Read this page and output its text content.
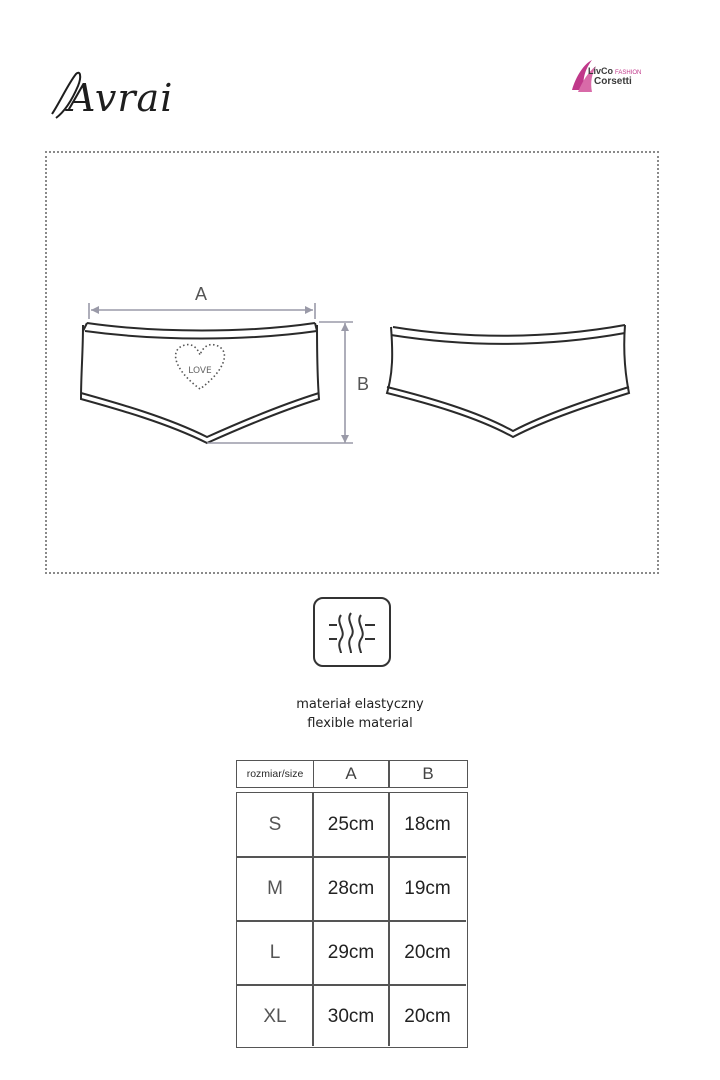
Avrai
LivCo FASHION
Corsetti
LOVE
A
B
materiał elastyczny
flexible material
rozmiar/size	A	B
S	25cm	18cm
M	28cm	19cm
L	29cm	20cm
XL	30cm	20cm
